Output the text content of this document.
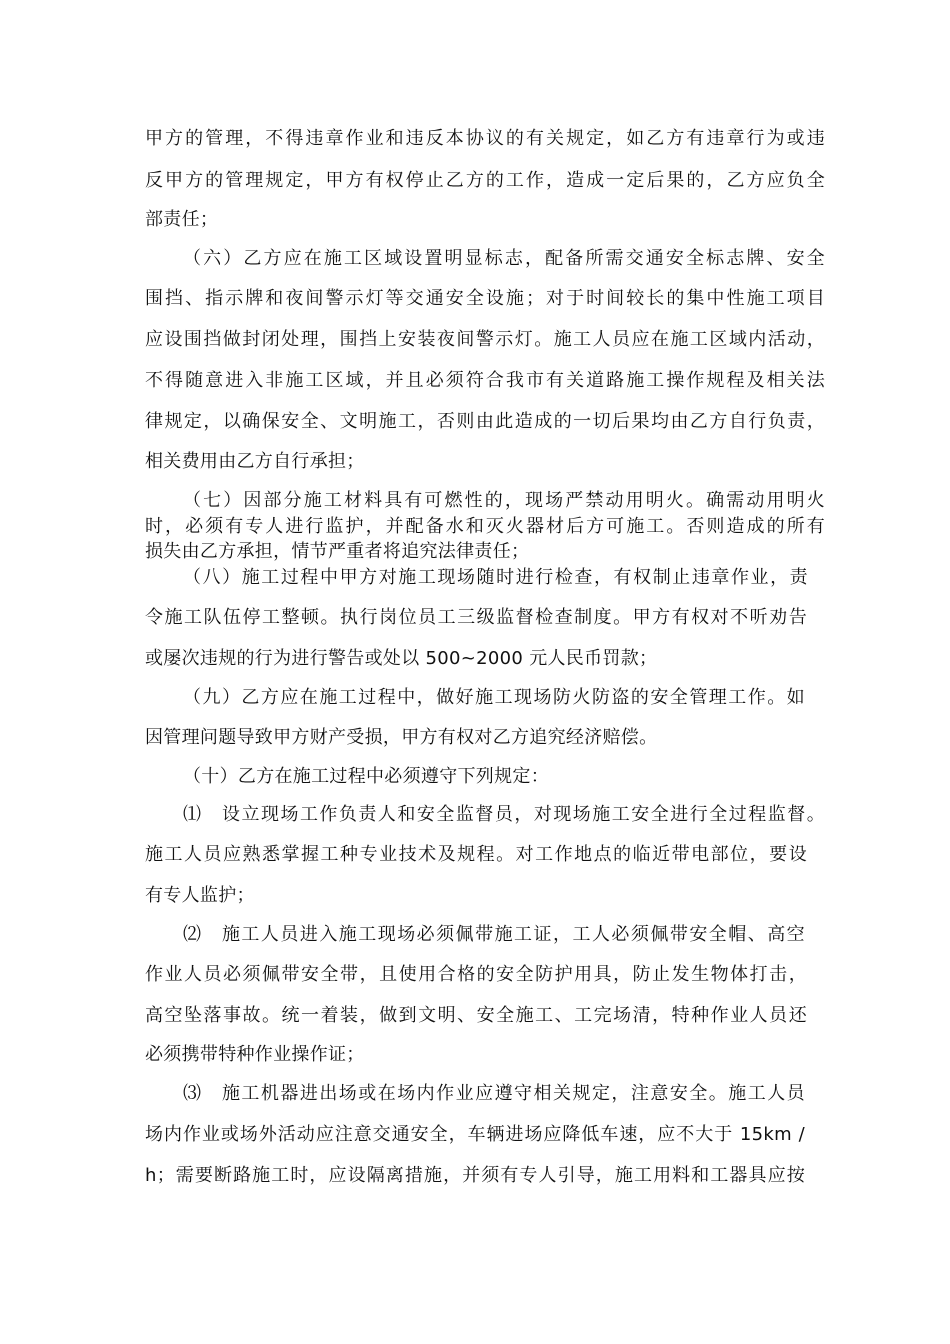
甲方的管理，不得违章作业和违反本协议的有关规定，如乙方有违章行为或违
反甲方的管理规定，甲方有权停止乙方的工作，造成一定后果的，乙方应负全
部责任；
（六）乙方应在施工区域设置明显标志，配备所需交通安全标志牌、安全
围挡、指示牌和夜间警示灯等交通安全设施；对于时间较长的集中性施工项目
应设围挡做封闭处理，围挡上安装夜间警示灯。施工人员应在施工区域内活动，
不得随意进入非施工区域，并且必须符合我市有关道路施工操作规程及相关法
律规定，以确保安全、文明施工，否则由此造成的一切后果均由乙方自行负责，
相关费用由乙方自行承担；
（七）因部分施工材料具有可燃性的，现场严禁动用明火。确需动用明火
时，必须有专人进行监护，并配备水和灭火器材后方可施工。否则造成的所有
损失由乙方承担，情节严重者将追究法律责任；
（八）施工过程中甲方对施工现场随时进行检查，有权制止违章作业，责
令施工队伍停工整顿。执行岗位员工三级监督检查制度。甲方有权对不听劝告
或屡次违规的行为进行警告或处以 500~2000 元人民币罚款；
（九）乙方应在施工过程中，做好施工现场防火防盗的安全管理工作。如
因管理问题导致甲方财产受损，甲方有权对乙方追究经济赔偿。
（十）乙方在施工过程中必须遵守下列规定：
⑴　设立现场工作负责人和安全监督员，对现场施工安全进行全过程监督。
施工人员应熟悉掌握工种专业技术及规程。对工作地点的临近带电部位，要设
有专人监护；
⑵　施工人员进入施工现场必须佩带施工证，工人必须佩带安全帽、高空
作业人员必须佩带安全带，且使用合格的安全防护用具，防止发生物体打击，
高空坠落事故。统一着装，做到文明、安全施工、工完场清，特种作业人员还
必须携带特种作业操作证；
⑶　施工机器进出场或在场内作业应遵守相关规定，注意安全。施工人员
场内作业或场外活动应注意交通安全，车辆进场应降低车速，应不大于 15km /
h；需要断路施工时，应设隔离措施，并须有专人引导，施工用料和工器具应按
